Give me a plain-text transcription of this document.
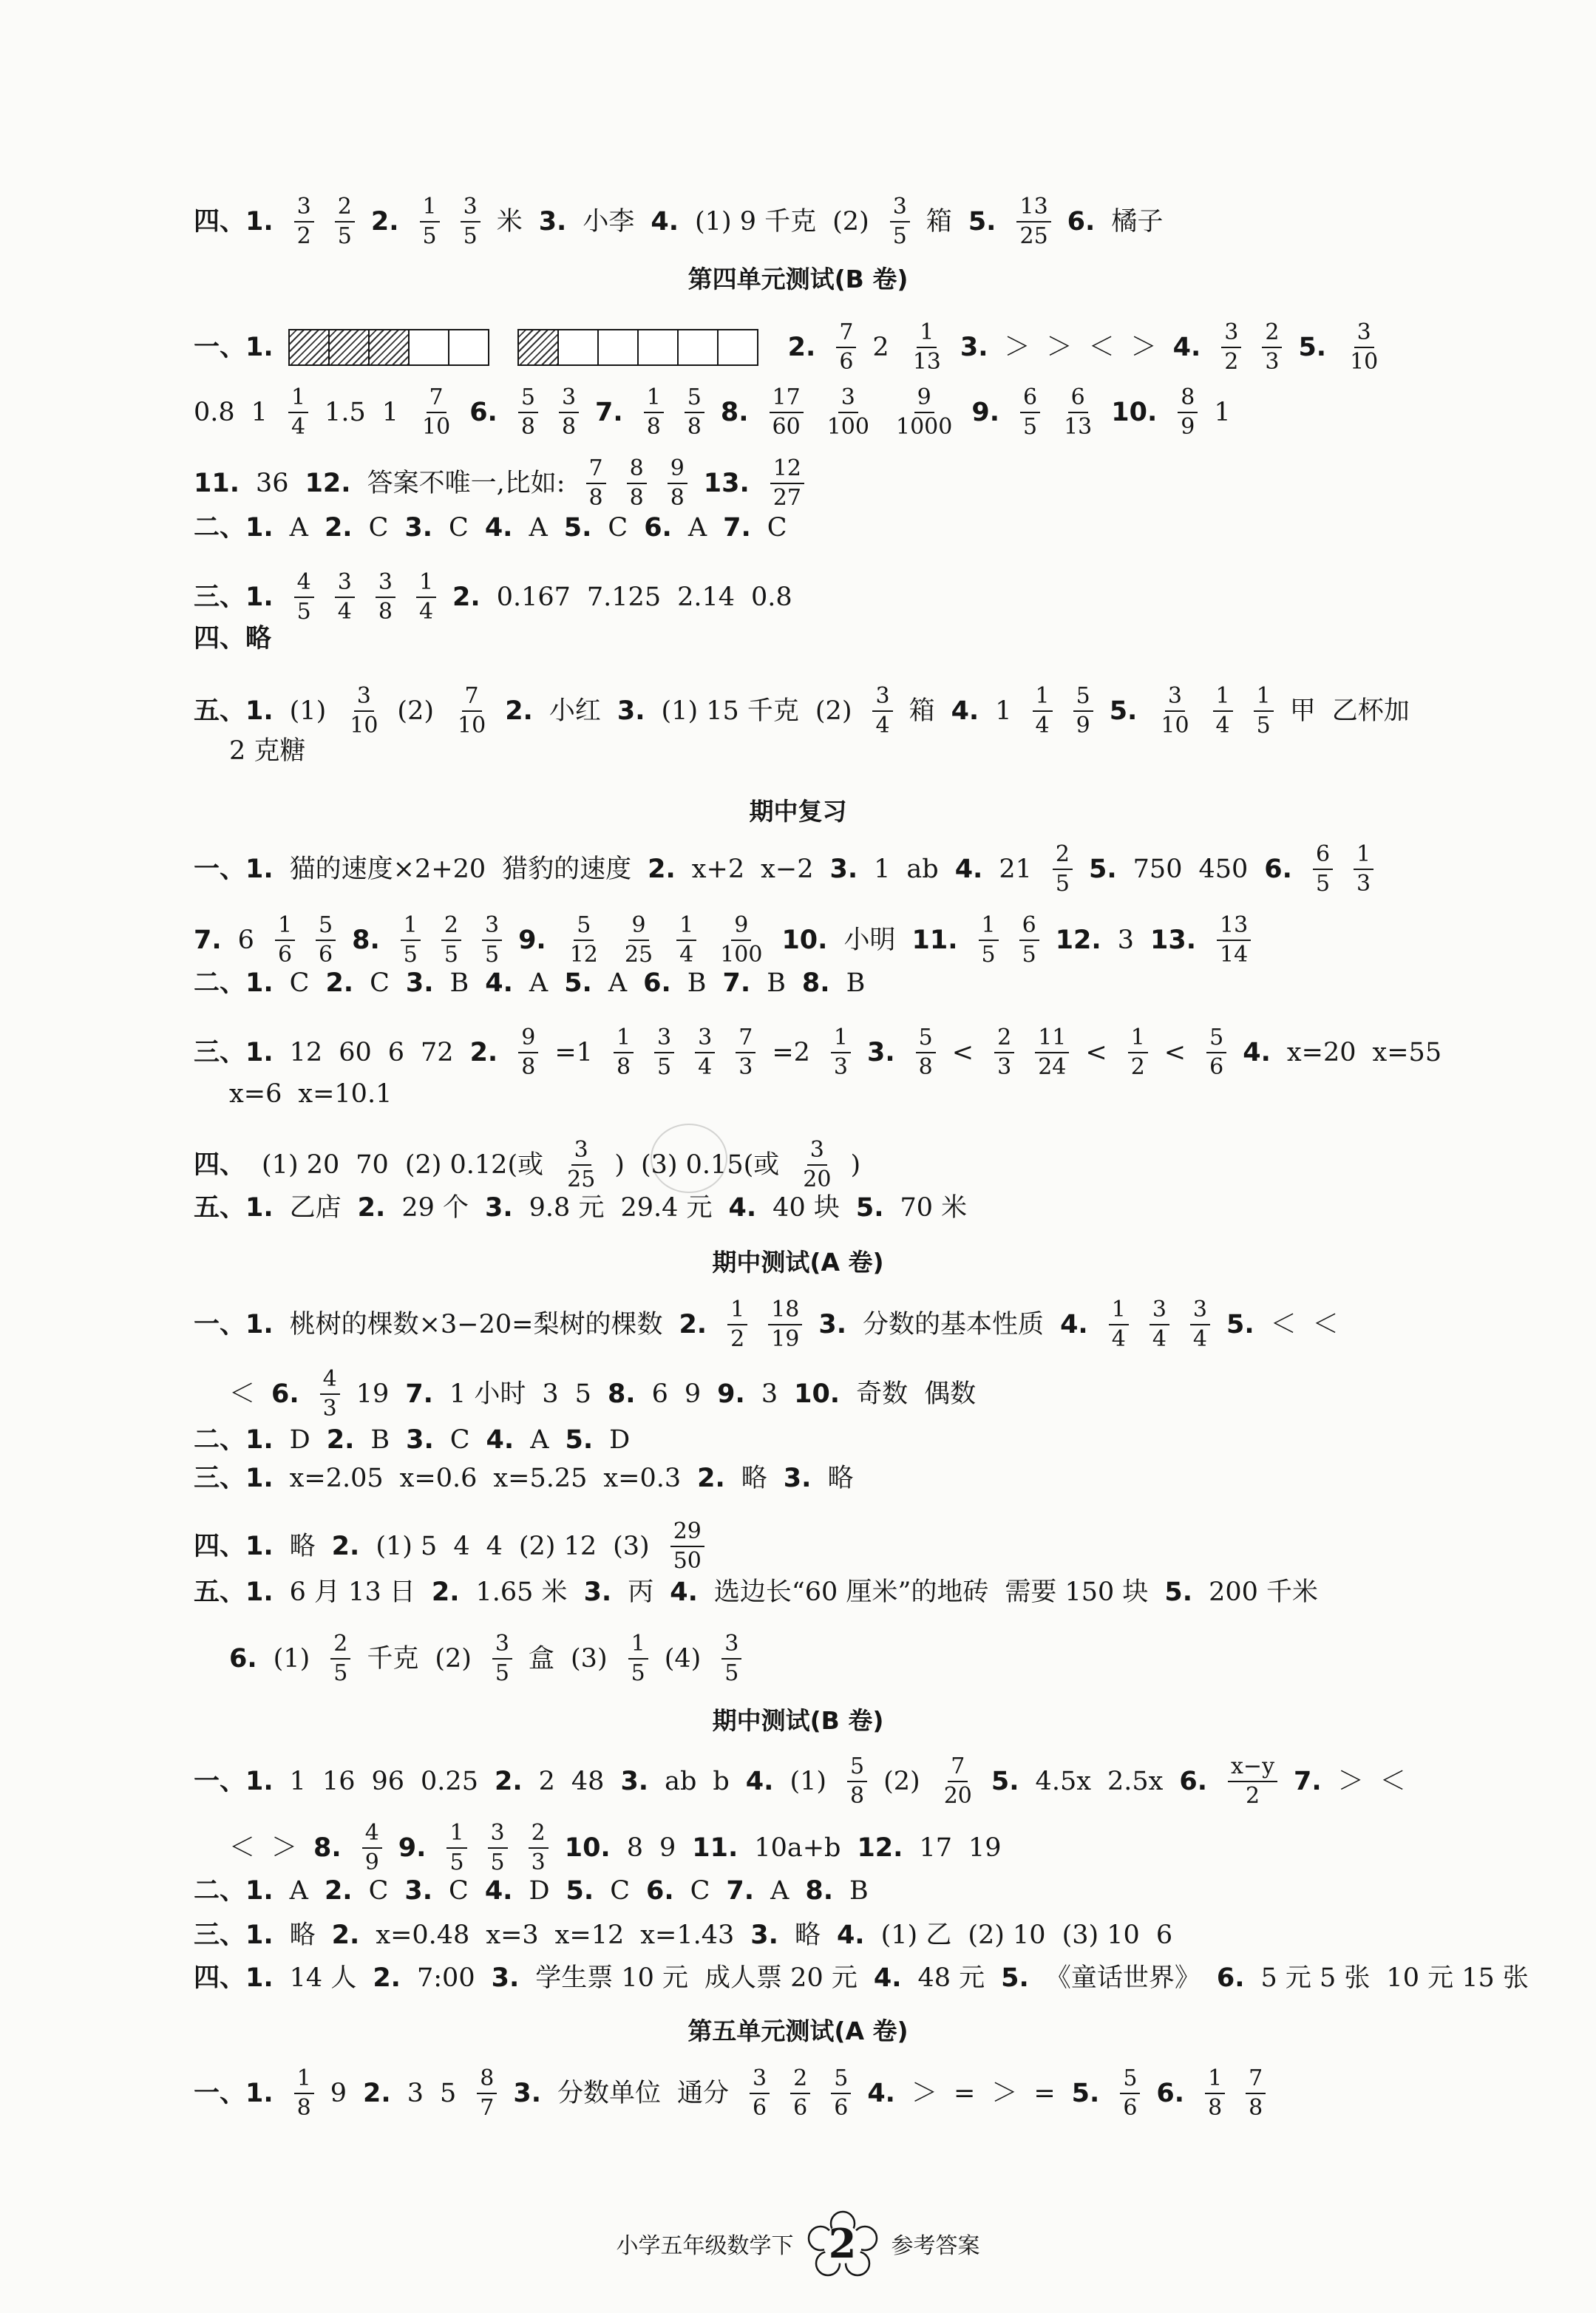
四、1. $\frac{3}{2} \frac{2}{5} 2$. $\frac{1}{5} \frac{3}{5}$ 米 3. 小李 4. (1) 9 千克 $(2) \frac{3}{5}$ 箱 5. $\frac{13}{25} 6$. 橘子
第四单元测试(B 卷)
一、1.	2. $\frac{7}{6} 2 \frac{1}{13} 3$. ＞ ＞ ＜ ＞ 4. $\frac{3}{2} \frac{2}{3} 5$. $\frac{3}{10}$
0.8 $1 \frac{1}{4} 1.5$ $1 \frac{7}{10} 6$. $\frac{5}{8} \frac{3}{8} 7$. $\frac{1}{8} \frac{5}{8} 8$. $\frac{17}{60} \frac{3}{100} \frac{9}{1000} 9$. $\frac{6}{5} \frac{6}{13} 10$. $\frac{8}{9} 1$
11. 36 12. 答案不唯一,比如: $\frac{7}{8} \frac{8}{8} \frac{9}{8} 13$. $\frac{12}{27}$
二、1. A 2. C 3. C 4. A 5. C 6. A 7. C
三、1. $\frac{4}{5} \frac{3}{4} \frac{3}{8} \frac{1}{4} 2$. 0.167 7.125 2.14 0.8
四、略
五、1. $(1) \frac{3}{10} (2) \frac{7}{10} 2$. 小红 3. (1) 15 千克 $(2) \frac{3}{4}$ 箱 4. $1 \frac{1}{4} \frac{5}{9} 5$. $\frac{3}{10} \frac{1}{4} \frac{1}{5}$ 甲 乙杯加
2 克糖
期中复习
一、1. 猫的速度×2+20 猎豹的速度 2. x+2 x−2 3. 1 ab 4. $21 \frac{2}{5} 5$. 750 450 6. $\frac{6}{5} \frac{1}{3}$
7. $6 \frac{1}{6} \frac{5}{6} 8$. $\frac{1}{5} \frac{2}{5} \frac{3}{5} 9$. $\frac{5}{12} \frac{9}{25} \frac{1}{4} \frac{9}{100} 10$. 小明 11. $\frac{1}{5} \frac{6}{5} 12$. 3 13. $\frac{13}{14}$
二、1. C 2. C 3. B 4. A 5. A 6. B 7. B 8. B
三、1. 12 60 6 72 2. $\frac{9}{8} =1 \frac{1}{8} \frac{3}{5} \frac{3}{4} \frac{7}{3} =2 \frac{1}{3} 3$. $\frac{5}{8} < \frac{2}{3} \frac{11}{24} < \frac{1}{2} < \frac{5}{6} 4$. x=20 x=55
x=6 x=10.1
四、 (1) 20 70 (2) 0.12(或 $\frac{3}{25}$ ) (3) 0.15(或 $\frac{3}{20}$ )
五、1. 乙店 2. 29 个 3. 9.8 元 29.4 元 4. 40 块 5. 70 米
期中测试(A 卷)
一、1. 桃树的棵数×3−20=梨树的棵数 2. $\frac{1}{2} \frac{18}{19} 3$. 分数的基本性质 4. $\frac{1}{4} \frac{3}{4} \frac{3}{4} 5$. ＜ ＜
＜ 6. $\frac{4}{3} 19$ 7. 1 小时 3 5 8. 6 9 9. 3 10. 奇数 偶数
二、1. D 2. B 3. C 4. A 5. D
三、1. x=2.05 x=0.6 x=5.25 x=0.3 2. 略 3. 略
四、1. 略 2. (1) 5 4 4 (2) 12 $(3) \frac{29}{50}$
五、1. 6 月 13 日 2. 1.65 米 3. 丙 4. 选边长“60 厘米”的地砖 需要 150 块 5. 200 千米
6. $(1) \frac{2}{5}$ 千克 $(2) \frac{3}{5}$ 盒 $(3) \frac{1}{5} (4) \frac{3}{5}$
期中测试(B 卷)
一、1. 1 16 96 0.25 2. 2 48 3. ab b 4. $(1) \frac{5}{8} (2) \frac{7}{20} 5$. 4.5x 2.5x 6. $\frac{x-y}{2} 7$. ＞ ＜
＜ ＞ 8. $\frac{4}{9} 9$. $\frac{1}{5} \frac{3}{5} \frac{2}{3} 10$. 8 9 11. 10a+b 12. 17 19
二、1. A 2. C 3. C 4. D 5. C 6. C 7. A 8. B
三、1. 略 2. x=0.48 x=3 x=12 x=1.43 3. 略 4. (1) 乙 (2) 10 (3) 10 6
四、1. 14 人 2. 7:00 3. 学生票 10 元 成人票 20 元 4. 48 元 5. 《童话世界》 6. 5 元 5 张 10 元 15 张
第五单元测试(A 卷)
一、1. $\frac{1}{8} 9$ 2. 3 $5 \frac{8}{7} 3$. 分数单位 通分 $\frac{3}{6} \frac{2}{6} \frac{5}{6} 4$. ＞ = ＞ = 5. $\frac{5}{6} 6$. $\frac{1}{8} \frac{7}{8}$
小学五年级数学下 2 参考答案
